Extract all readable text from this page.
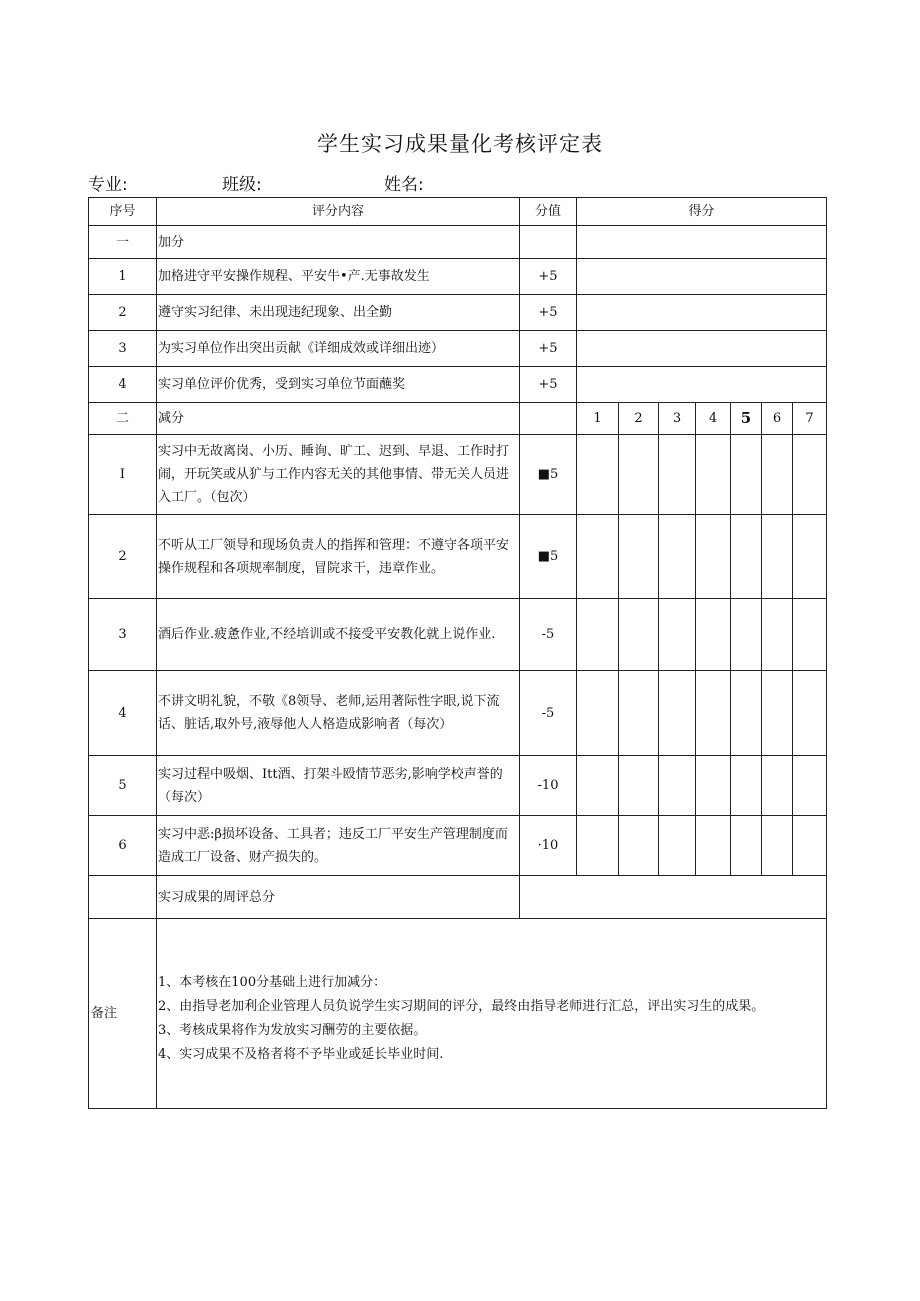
学生实习成果量化考核评定表
专业:	班级:	姓名:
序号	评分内容	分值	得分						
一	加分								
1	加格进守平安操作规程、平安牛•产.无事故发生	+5							
2	遵守实习纪律、未出现违纪现象、出全勤	+5							
3	为实习单位作出突出贡献《详细成效或详细出迹）	+5							
4	实习单位评价优秀，受到实习单位节面蘸奖	+5							
二	减分		1	2	3	4	5	6	7
I	实习中无故离岗、小历、睡询、旷工、迟到、早退、工作时打闹，开玩笑或从犷与工作内容无关的其他事情、带无关人员进入工厂。（包次）	■5							
2	不听从工厂领导和现场负责人的指挥和管理：不遵守各项平安操作规程和各项规率制度，冒院求干，违章作业。	■5							
3	酒后作业.疲惫作业,不经培训或不接受平安教化就上说作业.	-5							
4	不讲文明礼貌，不敬《8领导、老师,运用著际性字眼,说下流话、脏话,取外号,液辱他人人格造成影响者（每次）	-5							
5	实习过程中吸烟、Itt酒、打架斗殴情节恶劣,影响学校声誉的（每次）	-10							
6	实习中恶:β损坏设备、工具者；违反工厂平安生产管理制度而造成工厂设备、财产损失的。	·10							
	实习成果的周评总分								
备注	1、本考核在100分基础上进行加减分：
2、由指导老加利企业管理人员负说学生实习期间的评分，最终由指导老师进行汇总，评出实习生的成果。
3、考核成果将作为发放实习酬劳的主要依据。
4、实习成果不及格者将不予毕业或延长毕业时间.								
